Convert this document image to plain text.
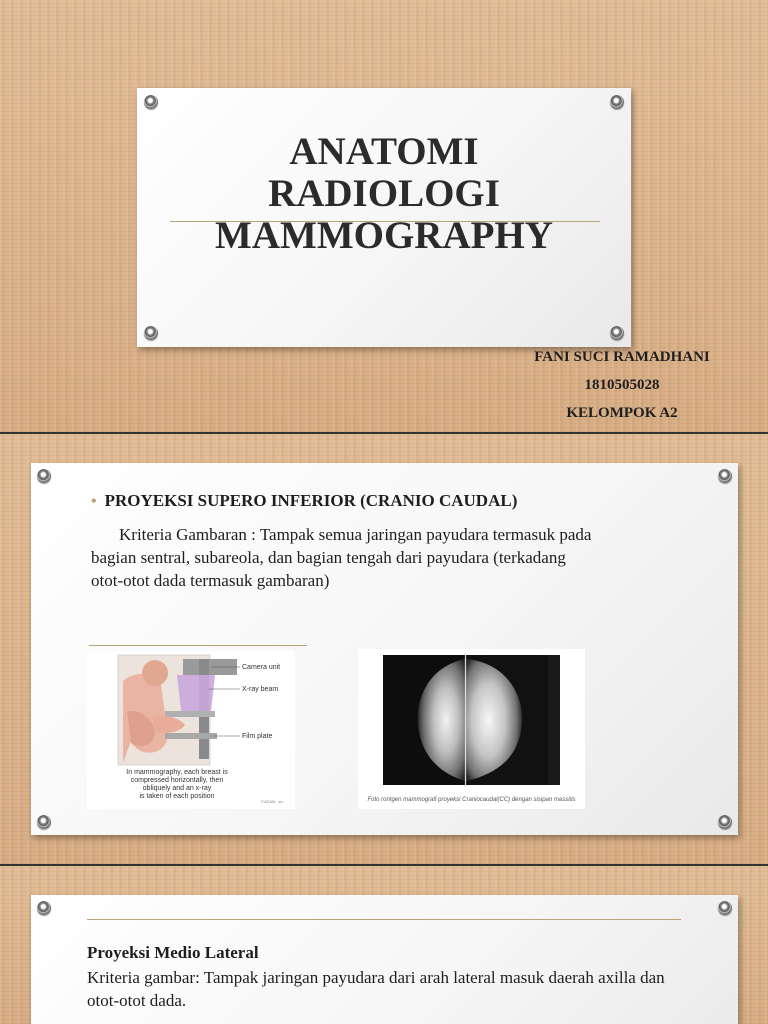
ANATOMI
RADIOLOGI
MAMMOGRAPHY
FANI SUCI RAMADHANI
1810505028
KELOMPOK A2
• PROYEKSI SUPERO INFERIOR (CRANIO CAUDAL)

Kriteria Gambaran : Tampak semua jaringan payudara termasuk pada bagian sentral, subareola, dan bagian tengah dari payudara (terkadang otot-otot dada termasuk gambaran)

Camera unit
X-ray beam
Film plate
In mammography, each breast is
compressed horizontally, then
obliquely and an x-ray
is taken of each position
©ADAM, Inc.	Foto rontgen mammografi proyeksi Craniocaudal(CC) dengan sisipan massitis
Proyeksi Medio Lateral

Kriteria gambar: Tampak jaringan payudara dari arah lateral masuk daerah axilla dan otot-otot dada.
